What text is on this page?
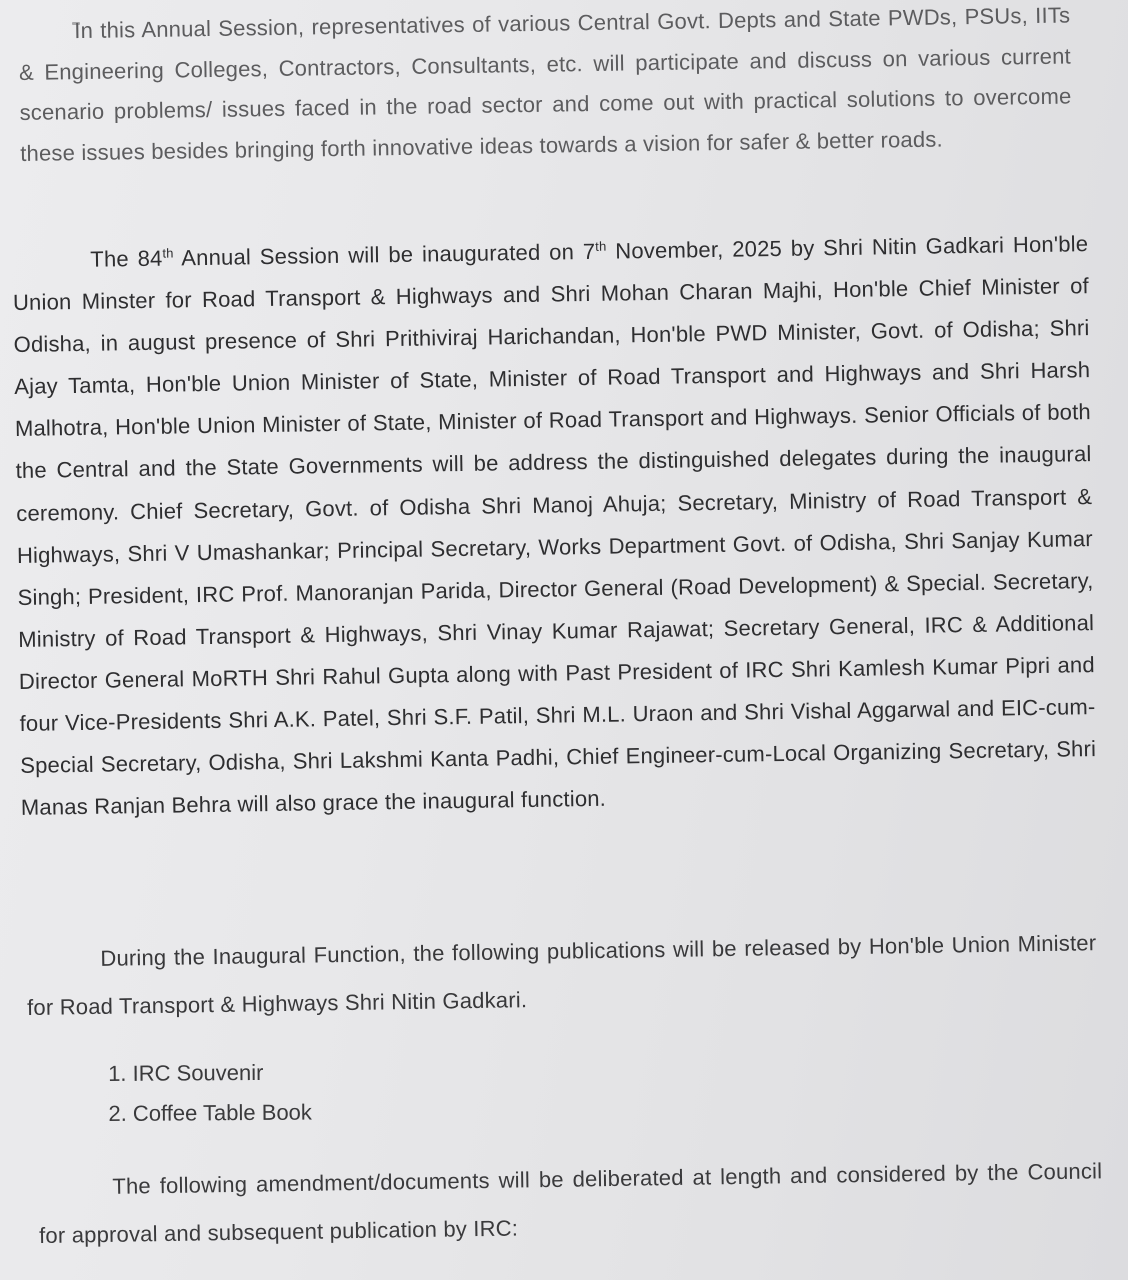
In this Annual Session, representatives of various Central Govt. Depts and State PWDs, PSUs, IITs & Engineering Colleges, Contractors, Consultants, etc. will participate and discuss on various current scenario problems/ issues faced in the road sector and come out with practical solutions to overcome these issues besides bringing forth innovative ideas towards a vision for safer & better roads.

The 84th Annual Session will be inaugurated on 7th November, 2025 by Shri Nitin Gadkari Hon'ble Union Minster for Road Transport & Highways and Shri Mohan Charan Majhi, Hon'ble Chief Minister of Odisha, in august presence of Shri Prithiviraj Harichandan, Hon'ble PWD Minister, Govt. of Odisha; Shri Ajay Tamta, Hon'ble Union Minister of State, Minister of Road Transport and Highways and Shri Harsh Malhotra, Hon'ble Union Minister of State, Minister of Road Transport and Highways. Senior Officials of both the Central and the State Governments will be address the distinguished delegates during the inaugural ceremony. Chief Secretary, Govt. of Odisha Shri Manoj Ahuja; Secretary, Ministry of Road Transport & Highways, Shri V Umashankar; Principal Secretary, Works Department Govt. of Odisha, Shri Sanjay Kumar Singh; President, IRC Prof. Manoranjan Parida, Director General (Road Development) & Special. Secretary, Ministry of Road Transport & Highways, Shri Vinay Kumar Rajawat; Secretary General, IRC & Additional Director General MoRTH Shri Rahul Gupta along with Past President of IRC Shri Kamlesh Kumar Pipri and four Vice-Presidents Shri A.K. Patel, Shri S.F. Patil, Shri M.L. Uraon and Shri Vishal Aggarwal and EIC-cum-Special Secretary, Odisha, Shri Lakshmi Kanta Padhi, Chief Engineer-cum-Local Organizing Secretary, Shri Manas Ranjan Behra will also grace the inaugural function.

During the Inaugural Function, the following publications will be released by Hon'ble Union Minister for Road Transport & Highways Shri Nitin Gadkari.

1. IRC Souvenir
2. Coffee Table Book

The following amendment/documents will be deliberated at length and considered by the Council for approval and subsequent publication by IRC:
